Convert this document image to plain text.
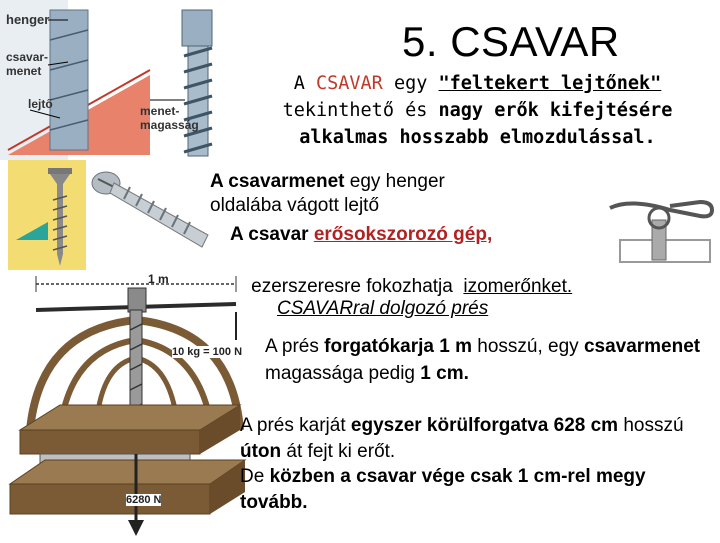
henger
csavar-
menet
lejtő	menet-
magasság
5. CSAVAR
A CSAVAR egy "feltekert lejtőnek" tekinthető és nagy erők kifejtésére alkalmas hosszabb elmozdulással.
A csavarmenet egy henger oldalába vágott lejtő
A csavar erősokszorozó gép,

ezerszeresre fokozhatja  izomerőnket.

1 m
10 kg = 100 N
6280 N
CSAVARral dolgozó prés
A prés forgatókarja 1 m hosszú, egy csavarmenet magassága pedig 1 cm.
A prés karját egyszer körülforgatva 628 cm hosszú úton át fejt ki erőt.
De közben a csavar vége csak 1 cm-rel megy tovább.
